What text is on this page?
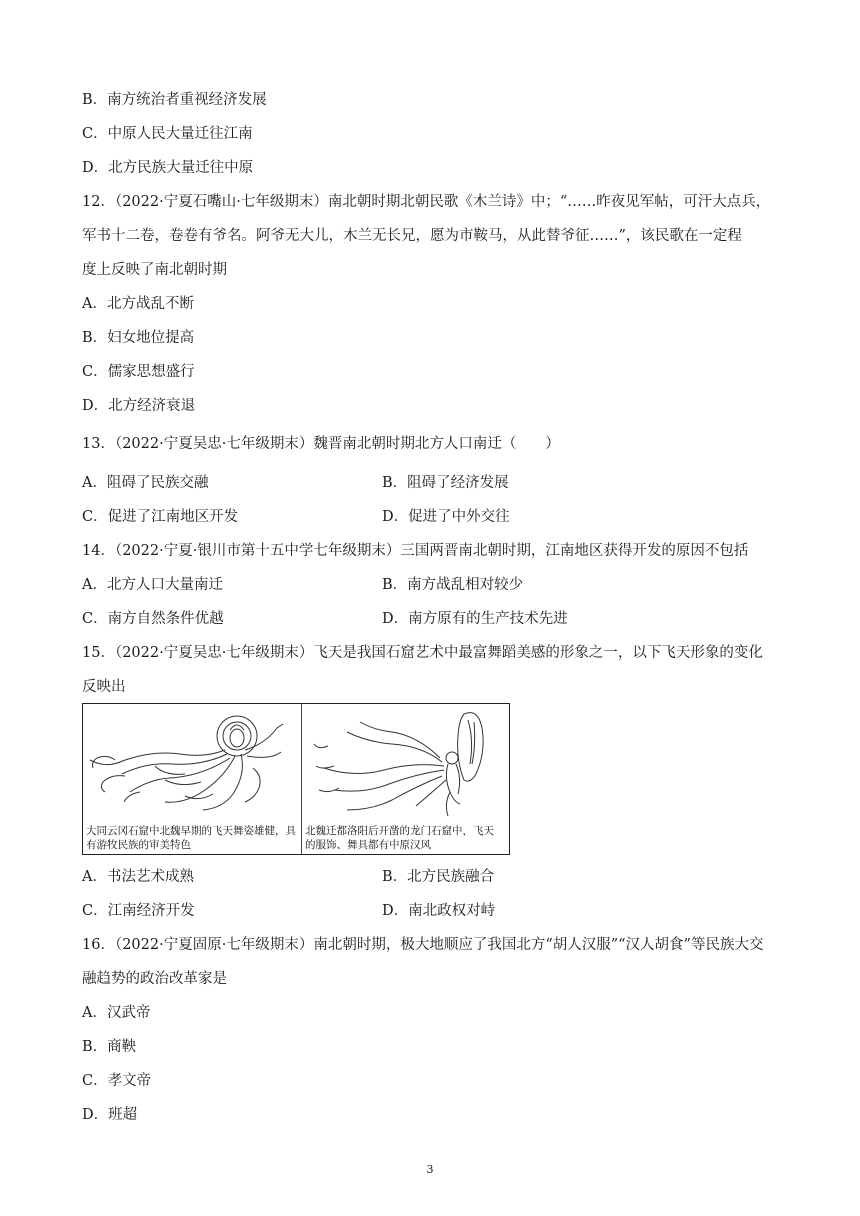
B．南方统治者重视经济发展
C．中原人民大量迁往江南
D．北方民族大量迁往中原
12．（2022·宁夏石嘴山·七年级期末）南北朝时期北朝民歌《木兰诗》中；“……昨夜见军帖，可汗大点兵，
军书十二卷，卷卷有爷名。阿爷无大儿，木兰无长兄，愿为市鞍马，从此替爷征……”，该民歌在一定程
度上反映了南北朝时期
A．北方战乱不断
B．妇女地位提高
C．儒家思想盛行
D．北方经济衰退
13．（2022·宁夏吴忠·七年级期末）魏晋南北朝时期北方人口南迁（　　）
A．阻碍了民族交融	B．阻碍了经济发展
C．促进了江南地区开发	D．促进了中外交往
14．（2022·宁夏·银川市第十五中学七年级期末）三国两晋南北朝时期，江南地区获得开发的原因不包括
A．北方人口大量南迁	B．南方战乱相对较少
C．南方自然条件优越	D．南方原有的生产技术先进
15．（2022·宁夏吴忠·七年级期末）飞天是我国石窟艺术中最富舞蹈美感的形象之一，以下飞天形象的变化
反映出
大同云冈石窟中北魏早期的飞天舞姿雄健，具
有游牧民族的审美特色
北魏迁都洛阳后开凿的龙门石窟中，飞天
的服饰、舞具都有中原汉风
A．书法艺术成熟	B．北方民族融合
C．江南经济开发	D．南北政权对峙
16．（2022·宁夏固原·七年级期末）南北朝时期，极大地顺应了我国北方“胡人汉服”“汉人胡食”等民族大交
融趋势的政治改革家是
A．汉武帝
B．商鞅
C．孝文帝
D．班超
3
